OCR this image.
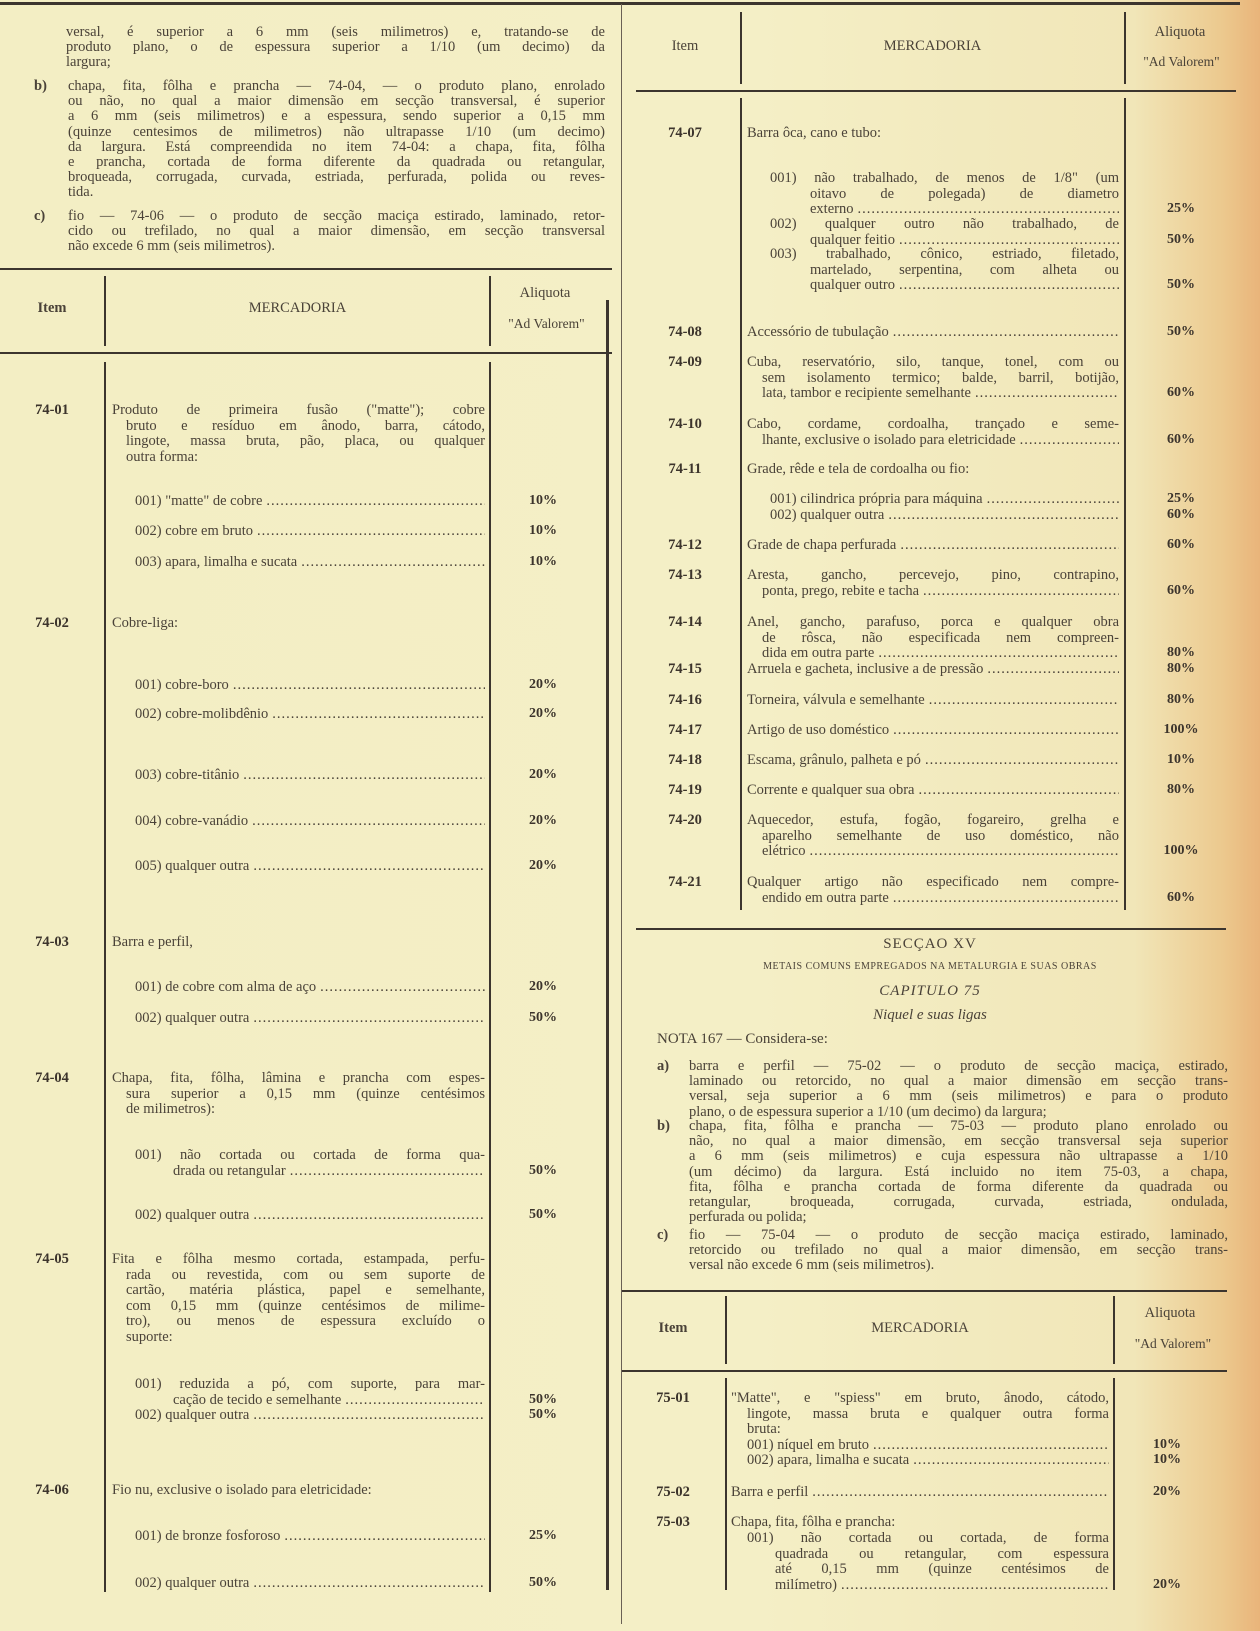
Item	MERCADORIA
Aliquota
"Ad Valorem"
Item	MERCADORIA
Aliquota
"Ad Valorem"
SECÇAO XV
METAIS COMUNS EMPREGADOS NA METALURGIA E SUAS OBRAS
CAPITULO 75
Niquel e suas ligas
NOTA 167 — Considera-se:
Item	MERCADORIA
Aliquota
"Ad Valorem"
versal, é superior a 6 mm (seis milimetros) e, tratando-se de
produto plano, o de espessura superior a 1/10 (um decimo) da
largura;
b) chapa, fita, fôlha e prancha — 74-04, — o produto plano, enrolado
ou não, no qual a maior dimensão em secção transversal, é superior
a 6 mm (seis milimetros) e a espessura, sendo superior a 0,15 mm
(quinze centesimos de milimetros) não ultrapasse 1/10 (um decimo)
da largura. Está compreendida no item 74-04: a chapa, fita, fôlha
e prancha, cortada de forma diferente da quadrada ou retangular,
broqueada, corrugada, curvada, estriada, perfurada, polida ou reves-
tida.
c) fio — 74-06 — o produto de secção maciça estirado, laminado, retor-
cido ou trefilado, no qual a maior dimensão, em secção transversal
não excede 6 mm (seis milimetros).
a) barra e perfil — 75-02 — o produto de secção maciça, estirado,
laminado ou retorcido, no qual a maior dimensão em secção trans-
versal, seja superior a 6 mm (seis milimetros) e para o produto
plano, o de espessura superior a 1/10 (um decimo) da largura;
b) chapa, fita, fôlha e prancha — 75-03 — produto plano enrolado ou
não, no qual a maior dimensão, em secção transversal seja superior
a 6 mm (seis milimetros) e cuja espessura não ultrapasse a 1/10
(um décimo) da largura. Está incluido no item 75-03, a chapa,
fita, fôlha e prancha cortada de forma diferente da quadrada ou
retangular, broqueada, corrugada, curvada, estriada, ondulada,
perfurada ou polida;
c) fio — 75-04 — o produto de secção maciça estirado, laminado,
retorcido ou trefilado no qual a maior dimensão, em secção trans-
versal não excede 6 mm (seis milimetros).
74-01	Produto de primeira fusão ("matte"); cobre
bruto e resíduo em ânodo, barra, cátodo,
lingote, massa bruta, pão, placa, ou qualquer
outra forma:
001) "matte" de cobre .....	10%
002) cobre em bruto .....	10%
003) apara, limalha e sucata .....	10%
74-02	Cobre-liga:
001) cobre-boro .....	20%
002) cobre-molibdênio .....	20%
003) cobre-titânio .....	20%
004) cobre-vanádio .....	20%
005) qualquer outra .....	20%
74-03	Barra e perfil,
001) de cobre com alma de aço .....	20%
002) qualquer outra .....	50%
74-04	Chapa, fita, fôlha, lâmina e prancha com espes-
sura superior a 0,15 mm (quinze centésimos
de milimetros):
001) não cortada ou cortada de forma qua-
drada ou retangular .....	50%
002) qualquer outra .....	50%
74-05	Fita e fôlha mesmo cortada, estampada, perfu-
rada ou revestida, com ou sem suporte de
cartão, matéria plástica, papel e semelhante,
com 0,15 mm (quinze centésimos de milime-
tro), ou menos de espessura excluído o
suporte:
001) reduzida a pó, com suporte, para mar-
cação de tecido e semelhante .....	50%
002) qualquer outra .....	50%
74-06	Fio nu, exclusive o isolado para eletricidade:
001) de bronze fosforoso .....	25%
002) qualquer outra .....	50%
74-07	Barra ôca, cano e tubo:
001) não trabalhado, de menos de 1/8" (um
oitavo de polegada) de diametro
externo .....	25%
002) qualquer outro não trabalhado, de
qualquer feitio .....	50%
003) trabalhado, cônico, estriado, filetado,
martelado, serpentina, com alheta ou
qualquer outro .....	50%
74-08	Accessório de tubulação .....	50%
74-09	Cuba, reservatório, silo, tanque, tonel, com ou
sem isolamento termico; balde, barril, botijão,
lata, tambor e recipiente semelhante .....	60%
74-10	Cabo, cordame, cordoalha, trançado e seme-
lhante, exclusive o isolado para eletricidade .....	60%
74-11	Grade, rêde e tela de cordoalha ou fio:
001) cilindrica própria para máquina .....	25%
002) qualquer outra .....	60%
74-12	Grade de chapa perfurada .....	60%
74-13	Aresta, gancho, percevejo, pino, contrapino,
ponta, prego, rebite e tacha .....	60%
74-14	Anel, gancho, parafuso, porca e qualquer obra
de rôsca, não especificada nem compreen-
dida em outra parte .....	80%
74-15	Arruela e gacheta, inclusive a de pressão .....	80%
74-16	Torneira, válvula e semelhante .....	80%
74-17	Artigo de uso doméstico .....	100%
74-18	Escama, grânulo, palheta e pó .....	10%
74-19	Corrente e qualquer sua obra .....	80%
74-20	Aquecedor, estufa, fogão, fogareiro, grelha e
aparelho semelhante de uso doméstico, não
elétrico .....	100%
74-21	Qualquer artigo não especificado nem compre-
endido em outra parte .....	60%
75-01	"Matte", e "spiess" em bruto, ânodo, cátodo,
lingote, massa bruta e qualquer outra forma
bruta:
001) níquel em bruto .....	10%
002) apara, limalha e sucata .....	10%
75-02	Barra e perfil .....	20%
75-03	Chapa, fita, fôlha e prancha:
001) não cortada ou cortada, de forma
quadrada ou retangular, com espessura
até 0,15 mm (quinze centésimos de
milímetro) .....	20%
